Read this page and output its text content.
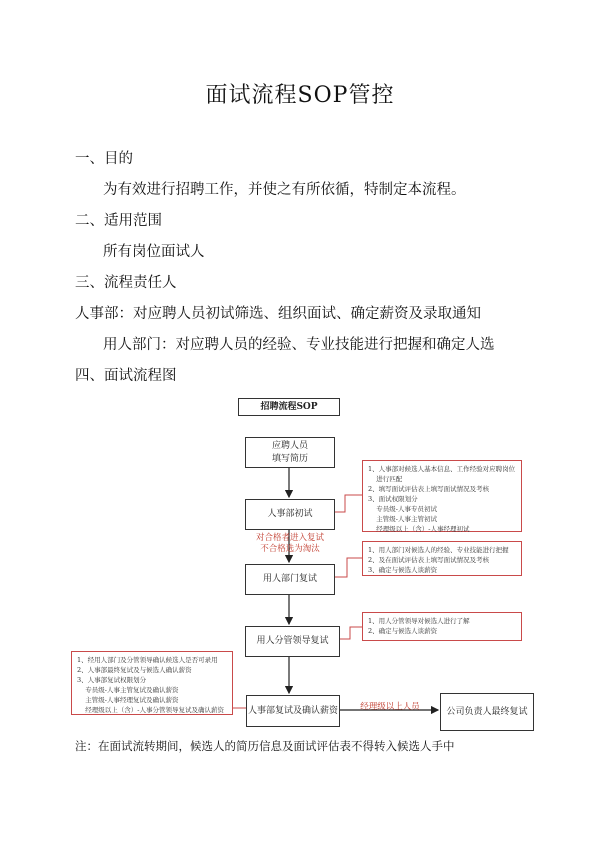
面试流程SOP管控
一、目的
为有效进行招聘工作，并使之有所依循，特制定本流程。
二、适用范围
所有岗位面试人
三、流程责任人
人事部：对应聘人员初试筛选、组织面试、确定薪资及录取通知
用人部门：对应聘人员的经验、专业技能进行把握和确定人选
四、面试流程图
招聘流程SOP
应聘人员
填写简历
人事部初试
用人部门复试
用人分管领导复试
人事部复试及确认薪资	公司负责人最终复试
对合格者进入复试
不合格选为淘汰
经理级以上人员
1、人事部对候选人基本信息、工作经验对应聘岗位
进行匹配
2、填写面试评估表上填写面试情况及考核
3、面试权限划分
专员级-人事专员初试
主管级-人事主管初试
经理级以上（含）-人事经理初试
1、用人部门对候选人的经验、专业技能进行把握
2、及在面试评估表上填写面试情况及考核
3、确定与候选人谈薪资
1、用人分管领导对候选人进行了解
2、确定与候选人谈薪资
1、经用人部门及分管领导确认候选人是否可录用
2、人事部最终复试及与候选人确认薪资
3、人事部复试权限划分
专员级-人事主管复试及确认薪资
主管级-人事经理复试及确认薪资
经理级以上（含）-人事分管领导复试及确认薪资
注：在面试流转期间，候选人的简历信息及面试评估表不得转入候选人手中
